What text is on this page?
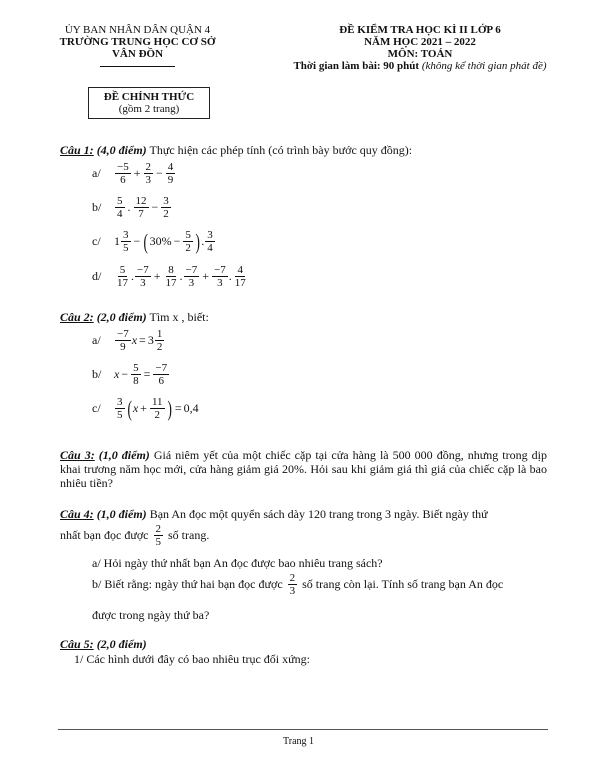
ỦY BAN NHÂN DÂN QUẬN 4
TRƯỜNG TRUNG HỌC CƠ SỞ
VÂN ĐỒN
ĐỀ KIỂM TRA HỌC KÌ II LỚP 6
NĂM HỌC 2021 – 2022
MÔN: TOÁN
Thời gian làm bài: 90 phút (không kể thời gian phát đề)
ĐỀ CHÍNH THỨC
(gồm 2 trang)
Câu 1: (4,0 điểm) Thực hiện các phép tính (có trình bày bước quy đồng):
a/	$\frac{-5}{6} + \frac{2}{3} - \frac{4}{9}$
b/	$\frac{5}{4}$ . $\frac{12}{7} - \frac{3}{2}$
c/	$1 \frac{3}{5}$ − ( $30\% - \frac{5}{2}$ ) . $\frac{3}{4}$
d/	$\frac{5}{17}$ . $\frac{-7}{3} + \frac{8}{17}$ . $\frac{-7}{3} + \frac{-7}{3}$ . $\frac{4}{17}$
Câu 2: (2,0 điểm) Tìm x , biết:
a/	$\frac{-7}{9}$ $x = 3 \frac{1}{2}$
b/	$x - \frac{5}{8} = \frac{-7}{6}$
c/	$\frac{3}{5}$ ( $x + \frac{11}{2}$ ) = 0,4
Câu 3: (1,0 điểm) Giá niêm yết của một chiếc cặp tại cửa hàng là 500 000 đồng, nhưng trong dịp khai trương năm học mới, cửa hàng giảm giá 20%. Hỏi sau khi giảm giá thì giá của chiếc cặp là bao nhiêu tiền?
Câu 4: (1,0 điểm) Bạn An đọc một quyển sách dày 120 trang trong 3 ngày. Biết ngày thứ
nhất bạn đọc được $\frac{2}{5}$ số trang.
a/ Hỏi ngày thứ nhất bạn An đọc được bao nhiêu trang sách?
b/ Biết rằng: ngày thứ hai bạn đọc được $\frac{2}{3}$ số trang còn lại. Tính số trang bạn An đọc
được trong ngày thứ ba?
Câu 5: (2,0 điểm)
1/ Các hình dưới đây có bao nhiêu trục đối xứng:
Trang 1
